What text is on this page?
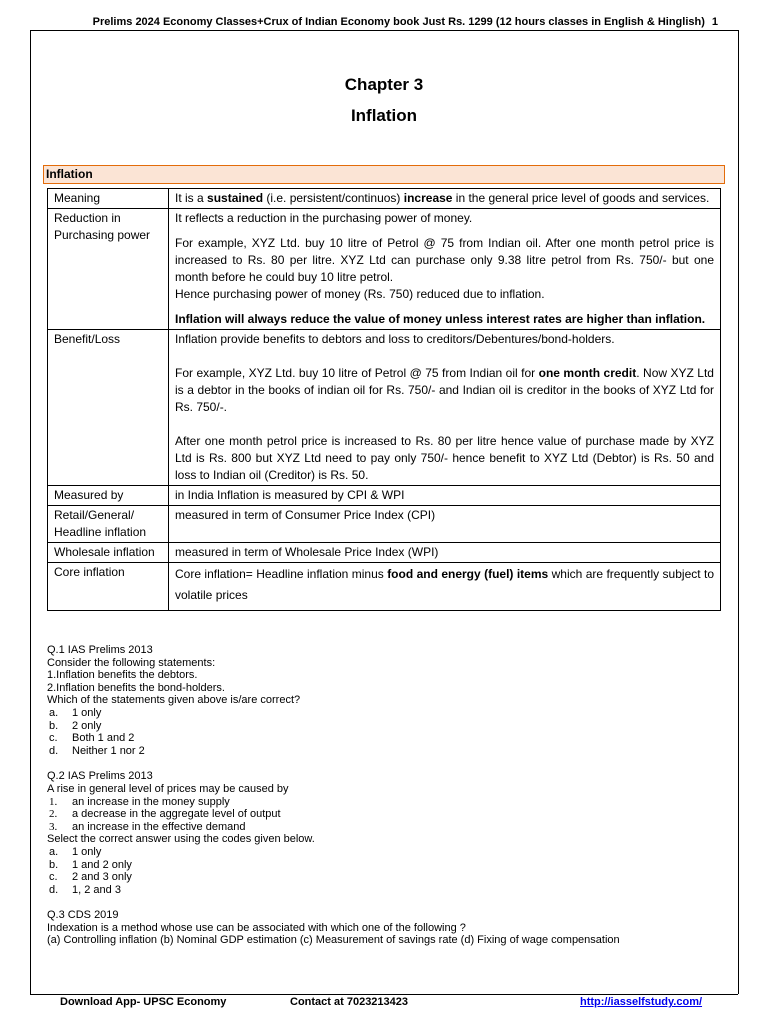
Prelims 2024 Economy Classes+Crux of Indian Economy book Just Rs. 1299 (12 hours classes in English & Hinglish) 1
Chapter 3
Inflation
Inflation
Meaning	It is a sustained (i.e. persistent/continuos) increase in the general price level of goods and services.
Reduction in Purchasing power	It reflects a reduction in the purchasing power of money.

For example, XYZ Ltd. buy 10 litre of Petrol @ 75 from Indian oil. After one month petrol price is increased to Rs. 80 per litre. XYZ Ltd can purchase only 9.38 litre petrol from Rs. 750/- but one month before he could buy 10 litre petrol.

Hence purchasing power of money (Rs. 750) reduced due to inflation.

Inflation will always reduce the value of money unless interest rates are higher than inflation.

Benefit/Loss	Inflation provide benefits to debtors and loss to creditors/Debentures/bond-holders.

For example, XYZ Ltd. buy 10 litre of Petrol @ 75 from Indian oil for one month credit. Now XYZ Ltd is a debtor in the books of indian oil for Rs. 750/- and Indian oil is creditor in the books of XYZ Ltd for Rs. 750/-.

After one month petrol price is increased to Rs. 80 per litre hence value of purchase made by XYZ Ltd is Rs. 800 but XYZ Ltd need to pay only 750/- hence benefit to XYZ Ltd (Debtor) is Rs. 50 and loss to Indian oil (Creditor) is Rs. 50.

Measured by	in India Inflation is measured by CPI & WPI
Retail/General/ Headline inflation	measured in term of Consumer Price Index (CPI)
Wholesale inflation	measured in term of Wholesale Price Index (WPI)
Core inflation	Core inflation= Headline inflation minus food and energy (fuel) items which are frequently subject to volatile prices
Q.1 IAS Prelims 2013
Consider the following statements:
1.Inflation benefits the debtors.
2.Inflation benefits the bond-holders.
Which of the statements given above is/are correct?
a. 1 only
b. 2 only
c. Both 1 and 2
d. Neither 1 nor 2
Q.2 IAS Prelims 2013
A rise in general level of prices may be caused by
1. an increase in the money supply
2. a decrease in the aggregate level of output
3. an increase in the effective demand
Select the correct answer using the codes given below.
a. 1 only
b. 1 and 2 only
c. 2 and 3 only
d. 1, 2 and 3
Q.3 CDS 2019
Indexation is a method whose use can be associated with which one of the following ?
(a) Controlling inflation (b) Nominal GDP estimation (c) Measurement of savings rate (d) Fixing of wage compensation
Download App- UPSC Economy	Contact at 7023213423	http://iasselfstudy.com/
